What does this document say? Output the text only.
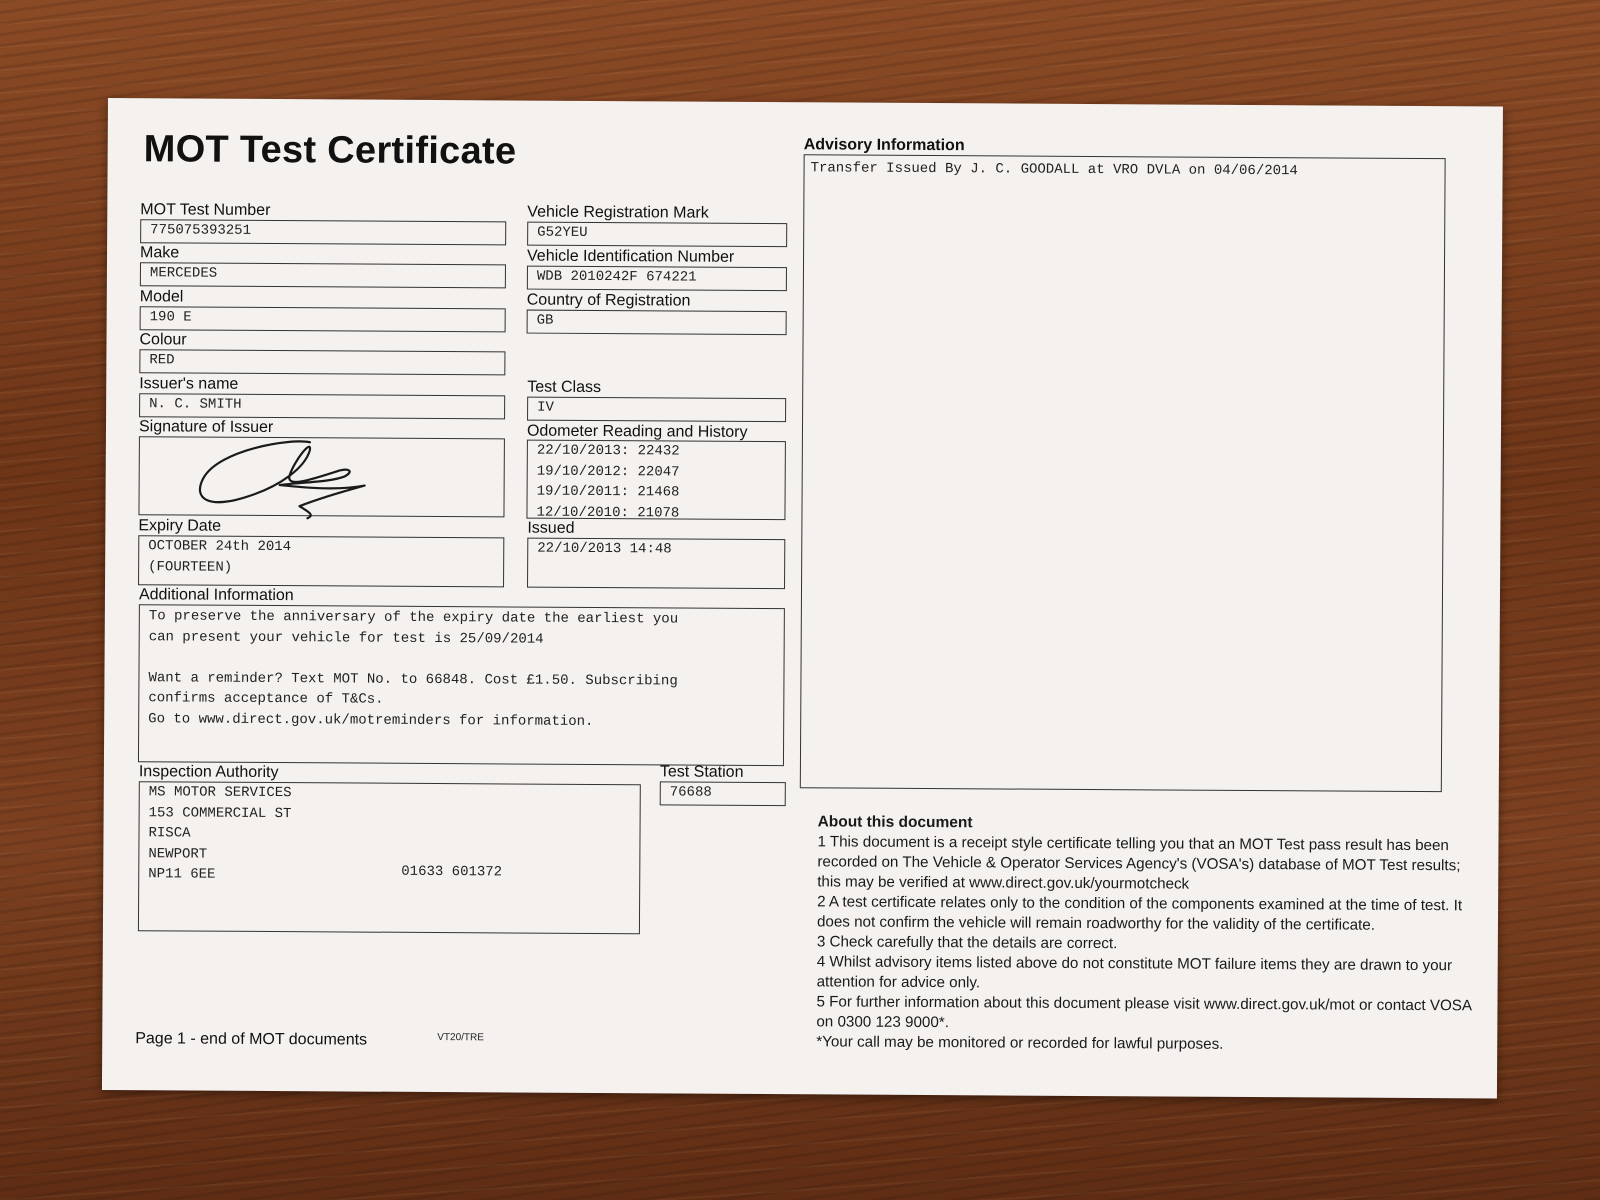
MOT Test Certificate
MOT Test Number
775075393251
Make
MERCEDES
Model
190 E
Colour
RED
Issuer's name
N. C. SMITH
Signature of Issuer
Expiry Date
OCTOBER 24th 2014
(FOURTEEN)
Vehicle Registration Mark
G52YEU
Vehicle Identification Number
WDB 2010242F 674221
Country of Registration
GB
Test Class
IV
Odometer Reading and History
22/10/2013: 22432
19/10/2012: 22047
19/10/2011: 21468
12/10/2010: 21078
Issued
22/10/2013 14:48
Additional Information
To preserve the anniversary of the expiry date the earliest you
can present your vehicle for test is 25/09/2014
Want a reminder? Text MOT No. to 66848. Cost £1.50. Subscribing
confirms acceptance of T&Cs.
Go to www.direct.gov.uk/motreminders for information.
Inspection Authority
MS MOTOR SERVICES
153 COMMERCIAL ST
RISCA
NEWPORT
NP11 6EE	01633 601372
Test Station
76688
Advisory Information
Transfer Issued By J. C. GOODALL at VRO DVLA on 04/06/2014

About this document

1 This document is a receipt style certificate telling you that an MOT Test pass result has been recorded on The Vehicle & Operator Services Agency's (VOSA's) database of MOT Test results; this may be verified at www.direct.gov.uk/yourmotcheck

2 A test certificate relates only to the condition of the components examined at the time of test. It does not confirm the vehicle will remain roadworthy for the validity of the certificate.

3 Check carefully that the details are correct.

4 Whilst advisory items listed above do not constitute MOT failure items they are drawn to your attention for advice only.

5 For further information about this document please visit www.direct.gov.uk/mot or contact VOSA on 0300 123 9000*.

*Your call may be monitored or recorded for lawful purposes.

Page 1 - end of MOT documents	VT20/TRE
